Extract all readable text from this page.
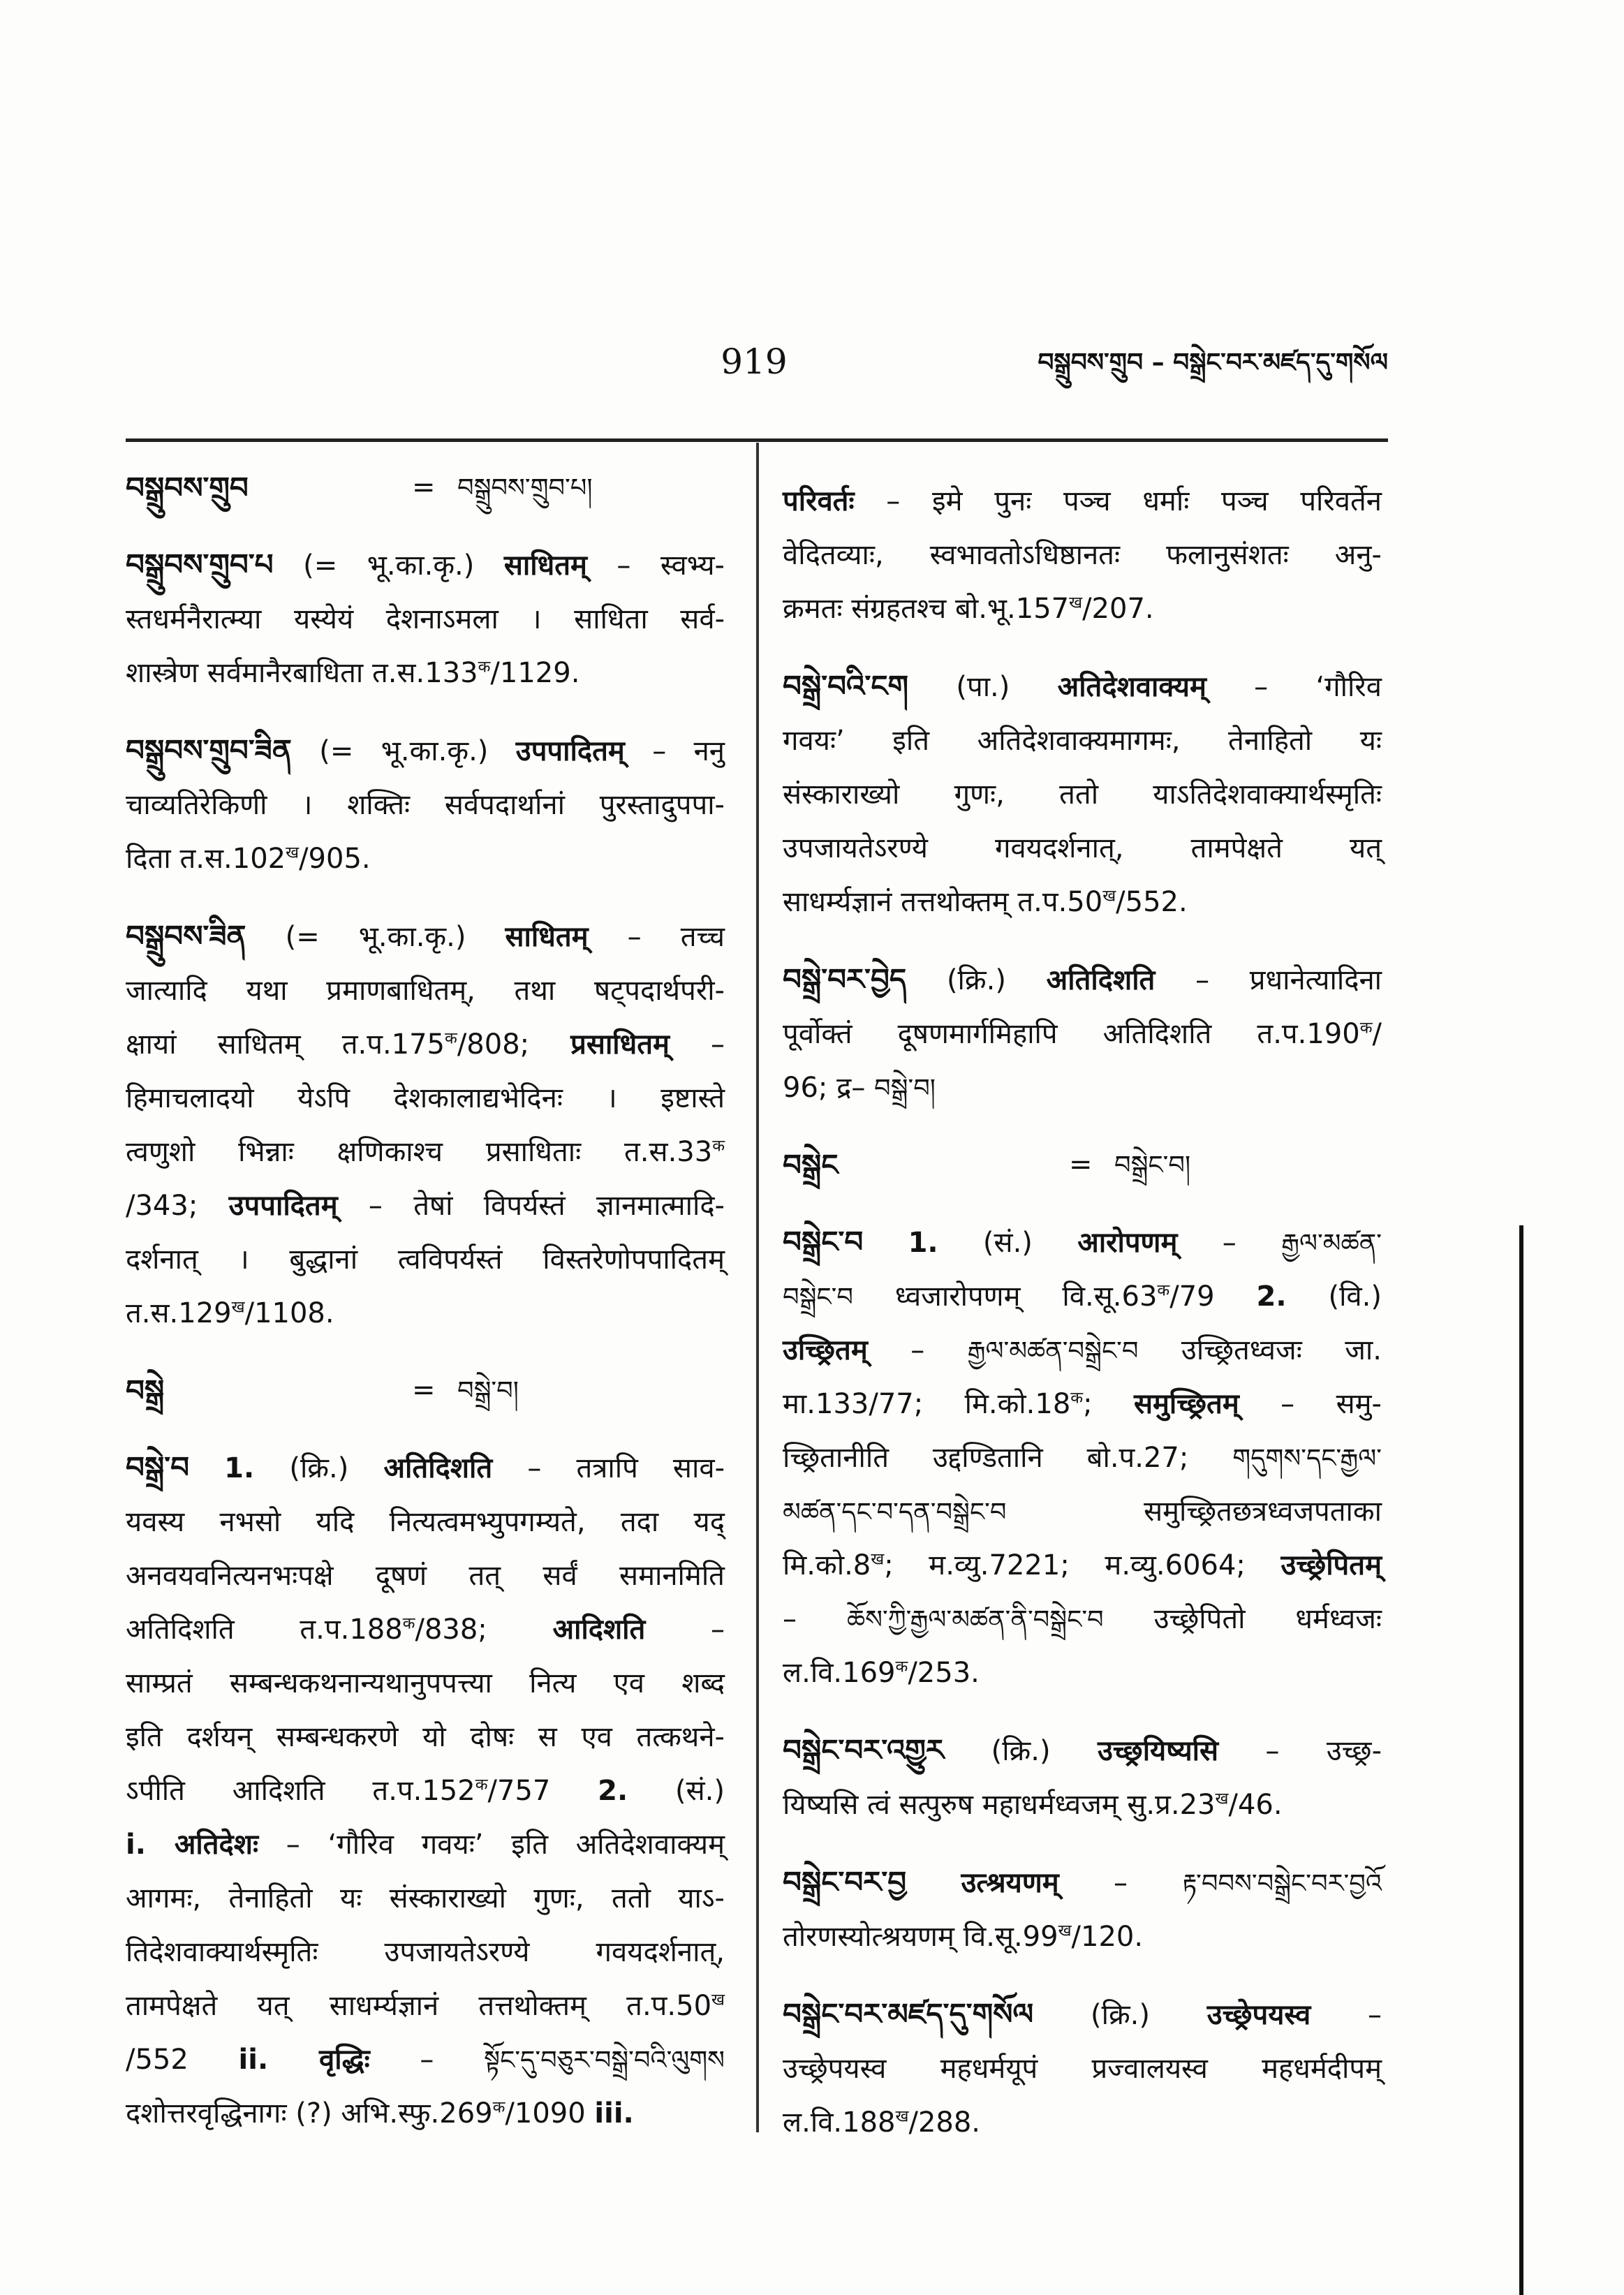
919	བསྒྲུབས་གྲུབ – བསྒྲེང་བར་མཛད་དུ་གསོལ
བསྒྲུབས་གྲུབ	= བསྒྲུབས་གྲུབ་པ།
བསྒྲུབས་གྲུབ་པ (= भू.का.कृ.) साधितम् – स्वभ्य-
स्तधर्मनैरात्म्या यस्येयं देशनाऽमला । साधिता सर्व-
शास्त्रेण सर्वमानैरबाधिता $त.स.133^क/1129$.
བསྒྲུབས་གྲུབ་ཟིན (= भू.का.कृ.) उपपादितम् – ननु
चाव्यतिरेकिणी । शक्तिः सर्वपदार्थानां पुरस्तादुपपा-
दिता $त.स.102^ख/905$.
བསྒྲུབས་ཟིན (= भू.का.कृ.) साधितम् – तच्च
जात्यादि यथा प्रमाणबाधितम्, तथा षट्पदार्थपरी-
क्षायां साधितम् $त.प.175^क/808$; प्रसाधितम् –
हिमाचलादयो येऽपि देशकालाद्यभेदिनः । इष्टास्ते
त्वणुशो भिन्नाः क्षणिकाश्च प्रसाधिताः $त.स.33^क$
/343; उपपादितम् – तेषां विपर्यस्तं ज्ञानमात्मादि-
दर्शनात् । बुद्धानां त्वविपर्यस्तं विस्तरेणोपपादितम्
$त.स.129^ख/1108$.
བསྒྲེ	= བསྒྲེ་བ།
བསྒྲེ་བ 1. (क्रि.) अतिदिशति – तत्रापि साव-
यवस्य नभसो यदि नित्यत्वमभ्युपगम्यते, तदा यद्
अनवयवनित्यनभःपक्षे दूषणं तत् सर्वं समानमिति
अतिदिशति $त.प.188^क/838$; आदिशति –
साम्प्रतं सम्बन्धकथनान्यथानुपपत्त्या नित्य एव शब्द
इति दर्शयन् सम्बन्धकरणे यो दोषः स एव तत्कथने-
ऽपीति आदिशति $त.प.152^क/757$ 2. (सं.)
i. अतिदेशः – ‘गौरिव गवयः’ इति अतिदेशवाक्यम्
आगमः, तेनाहितो यः संस्काराख्यो गुणः, ततो याऽ-
तिदेशवाक्यार्थस्मृतिः उपजायतेऽरण्ये गवयदर्शनात्,
तामपेक्षते यत् साधर्म्यज्ञानं तत्तथोक्तम् $त.प.50^ख$
/552 ii. वृद्धिः – སྟོང་དུ་བཅུར་བསྒྲེ་བའི་ལུགས
दशोत्तरवृद्धिनागः (?) $अभि.स्फु.269^क/1090$ iii.
परिवर्तः – इमे पुनः पञ्च धर्माः पञ्च परिवर्तेन
वेदितव्याः, स्वभावतोऽधिष्ठानतः फलानुसंशतः अनु-
क्रमतः संग्रहतश्च $बो.भू.157^ख/207$.
བསྒྲེ་བའི་ངག (पा.) अतिदेशवाक्यम् – ‘गौरिव
गवयः’ इति अतिदेशवाक्यमागमः, तेनाहितो यः
संस्काराख्यो गुणः, ततो याऽतिदेशवाक्यार्थस्मृतिः
उपजायतेऽरण्ये गवयदर्शनात्, तामपेक्षते यत्
साधर्म्यज्ञानं तत्तथोक्तम् $त.प.50^ख/552$.
བསྒྲེ་བར་བྱེད (क्रि.) अतिदिशति – प्रधानेत्यादिना
पूर्वोक्तं दूषणमार्गमिहापि अतिदिशति $त.प.190^क/$
96; द्र– བསྒྲེ་བ།
བསྒྲེང	= བསྒྲེང་བ།
བསྒྲེང་བ 1. (सं.) आरोपणम् – རྒྱལ་མཚན་
བསྒྲེང་བ ध्वजारोपणम् $वि.सू.63^क/79$ 2. (वि.)
उच्छ्रितम् – རྒྱལ་མཚན་བསྒྲེང་བ उच्छ्रितध्वजः जा.
मा.133/77; $मि.को.18^क$; समुच्छ्रितम् – समु-
च्छ्रितानीति उद्दण्डितानि बो.प.27; གདུགས་དང་རྒྱལ་
མཚན་དང་བ་དན་བསྒྲེང་བ समुच्छ्रितछत्रध्वजपताका
$मि.को.8^ख$; म.व्यु.7221; म.व्यु.6064; उच्छ्रेपितम्
– ཆོས་ཀྱི་རྒྱལ་མཚན་ནི་བསྒྲེང་བ उच्छ्रेपितो धर्मध्वजः
$ल.वि.169^क/253$.
བསྒྲེང་བར་འགྱུར (क्रि.) उच्छ्रयिष्यसि – उच्छ्र-
यिष्यसि त्वं सत्पुरुष महाधर्मध्वजम् $सु.प्र.23^ख/46$.
བསྒྲེང་བར་བྱ उत्श्रयणम् – རྟ་བབས་བསྒྲེང་བར་བྱའོ
तोरणस्योत्श्रयणम् $वि.सू.99^ख/120$.
བསྒྲེང་བར་མཛད་དུ་གསོལ (क्रि.) उच्छ्रेपयस्व –
उच्छ्रेपयस्व महधर्मयूपं प्रज्वालयस्व महधर्मदीपम्
$ल.वि.188^ख/288$.
